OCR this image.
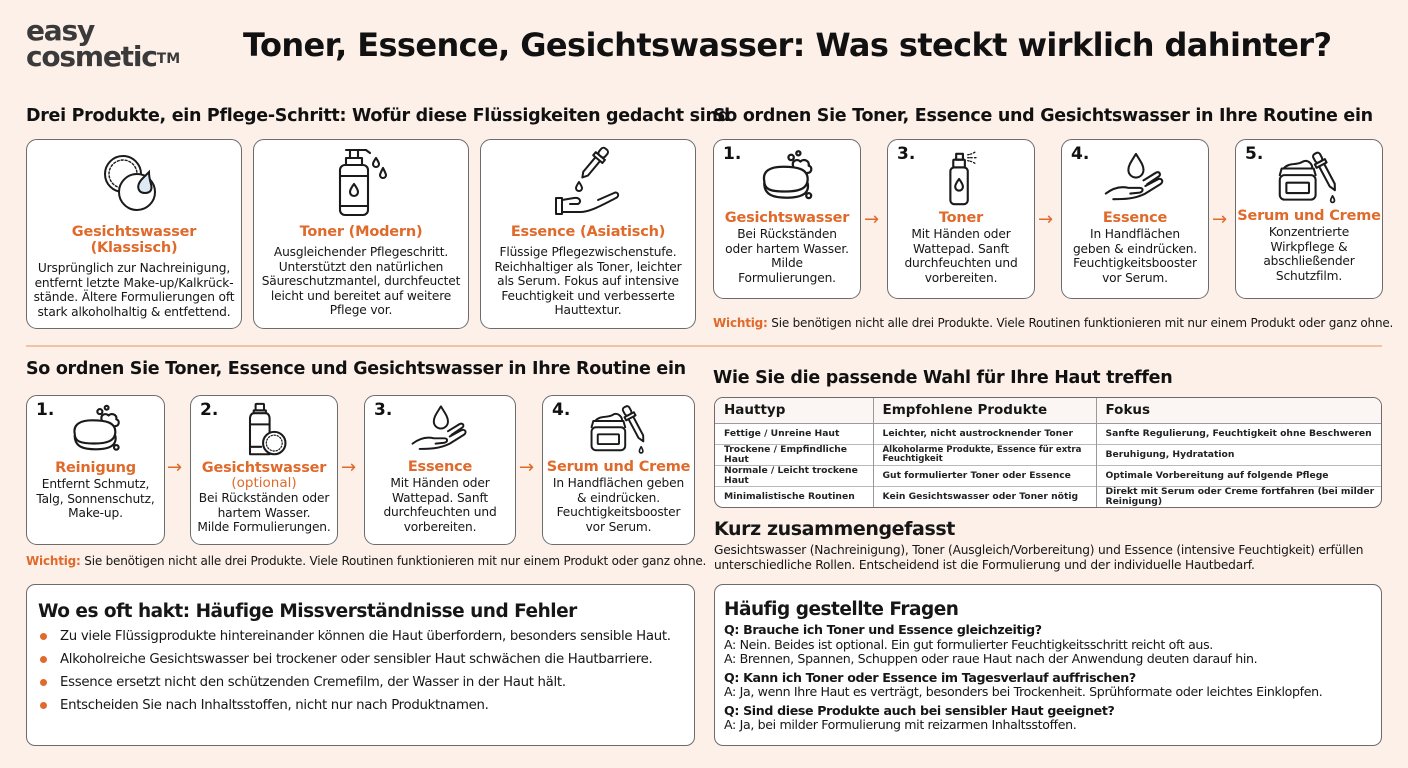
easy
cosmetic™ Toner, Essence, Gesichtswasser: Was steckt wirklich dahinter?
Drei Produkte, ein Pflege-Schritt: Wofür diese Flüssigkeiten gedacht sind
Gesichtswasser (Klassisch)
Ursprünglich zur Nachreinigung,
entfernt letzte Make-up/Kalkrück-
stände. Ältere Formulierungen oft
stark alkoholhaltig & entfettend.
Toner (Modern)
Ausgleichender Pflegeschritt.
Unterstützt den natürlichen
Säureschutzmantel, durchfeuctet
leicht und bereitet auf weitere
Pflege vor.
Essence (Asiatisch)
Flüssige Pflegezwischenstufe.
Reichhaltiger als Toner, leichter
als Serum. Fokus auf intensive
Feuchtigkeit und verbesserte
Hauttextur.
So ordnen Sie Toner, Essence und Gesichtswasser in Ihre Routine ein
1.
Gesichtswasser
Bei Rückständen
oder hartem Wasser.
Milde
Formulierungen.
→
3.
Toner
Mit Händen oder
Wattepad. Sanft
durchfeuchten und
vorbereiten.
→
4.
Essence
In Handflächen
geben & eindrücken.
Feuchtigkeitsbooster
vor Serum.
→
5.
Serum und Creme
Konzentrierte
Wirkpflege &
abschließender
Schutzfilm.
Wichtig: Sie benötigen nicht alle drei Produkte. Viele Routinen funktionieren mit nur einem Produkt oder ganz ohne.
So ordnen Sie Toner, Essence und Gesichtswasser in Ihre Routine ein
1.
Reinigung
Entfernt Schmutz,
Talg, Sonnenschutz,
Make-up.
→
2.
Gesichtswasser
(optional)
Bei Rückständen oder
hartem Wasser.
Milde Formulierungen.
→
3.
Essence
Mit Händen oder
Wattepad. Sanft
durchfeuchten und
vorbereiten.
→
4.
Serum und Creme
In Handflächen geben
& eindrücken.
Feuchtigkeitsbooster
vor Serum.
Wichtig: Sie benötigen nicht alle drei Produkte. Viele Routinen funktionieren mit nur einem Produkt oder ganz ohne.
Wie Sie die passende Wahl für Ihre Haut treffen
Hauttyp	Empfohlene Produkte	Fokus
Fettige / Unreine Haut	Leichter, nicht austrocknender Toner	Sanfte Regulierung, Feuchtigkeit ohne Beschweren
Trockene / Empfindliche Haut	Alkoholarme Produkte, Essence für extra Feuchtigkeit	Beruhigung, Hydratation
Normale / Leicht trockene Haut	Gut formulierter Toner oder Essence	Optimale Vorbereitung auf folgende Pflege
Minimalistische Routinen	Kein Gesichtswasser oder Toner nötig	Direkt mit Serum oder Creme fortfahren (bei milder Reinigung)
Kurz zusammengefasst

Gesichtswasser (Nachreinigung), Toner (Ausgleich/Vorbereitung) und Essence (intensive Feuchtigkeit) erfüllen unterschiedliche Rollen. Entscheidend ist die Formulierung und der individuelle Hautbedarf.

Wo es oft hakt: Häufige Missverständnisse und Fehler
Zu viele Flüssigprodukte hintereinander können die Haut überfordern, besonders sensible Haut.
Alkoholreiche Gesichtswasser bei trockener oder sensibler Haut schwächen die Hautbarriere.
Essence ersetzt nicht den schützenden Cremefilm, der Wasser in der Haut hält.
Entscheiden Sie nach Inhaltsstoffen, nicht nur nach Produktnamen.
Häufig gestellte Fragen
Q: Brauche ich Toner und Essence gleichzeitig?
A: Nein. Beides ist optional. Ein gut formulierter Feuchtigkeitsschritt reicht oft aus.
A: Brennen, Spannen, Schuppen oder raue Haut nach der Anwendung deuten darauf hin.
Q: Kann ich Toner oder Essence im Tagesverlauf auffrischen?
A: Ja, wenn Ihre Haut es verträgt, besonders bei Trockenheit. Sprühformate oder leichtes Einklopfen.
Q: Sind diese Produkte auch bei sensibler Haut geeignet?
A: Ja, bei milder Formulierung mit reizarmen Inhaltsstoffen.
